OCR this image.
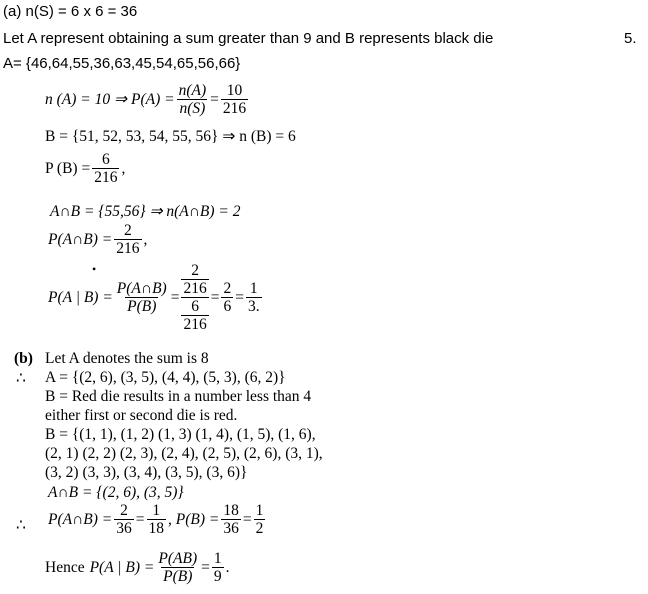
(a) n(S) = 6 x 6 = 36
Let A represent obtaining a sum greater than 9 and B represents black die	5.
A= {46,64,55,36,63,45,54,65,56,66}
n (A) = 10 ⇒ $P(A) = \frac{n(A)}{n(S)} = \frac{10}{216}$
B = {51, 52, 53, 54, 55, 56} ⇒ n (B) = 6
P $(B) = \frac{6}{216}$ ,
A∩B = {55,56} ⇒ n(A∩B) = 2
P(A∩B) = $\frac{2}{216}$ ,
•
P(A | $B) = \frac{P(A\cap B)}{P(B)}$ =
2
216
6
216
= $\frac{2}{6} = \frac{1}{3.}$
(b) Let A denotes the sum is 8
∴ A = {(2, 6), (3, 5), (4, 4), (5, 3), (6, 2)}
B = Red die results in a number less than 4
either first or second die is red.
B = {(1, 1), (1, 2) (1, 3) (1, 4), (1, 5), (1, 6),
(2, 1) (2, 2) (2, 3), (2, 4), (2, 5), (2, 6), (3, 1),
(3, 2) (3, 3), (3, 4), (3, 5), (3, 6)}
A∩B = {(2, 6), (3, 5)}
∴ P(A∩B) = $\frac{2}{36} = \frac{1}{18}$ , $P(B) = \frac{18}{36} = \frac{1}{2}$
Hence P(A | $B) = \frac{P(AB)}{P(B)} = \frac{1}{9}$ .
